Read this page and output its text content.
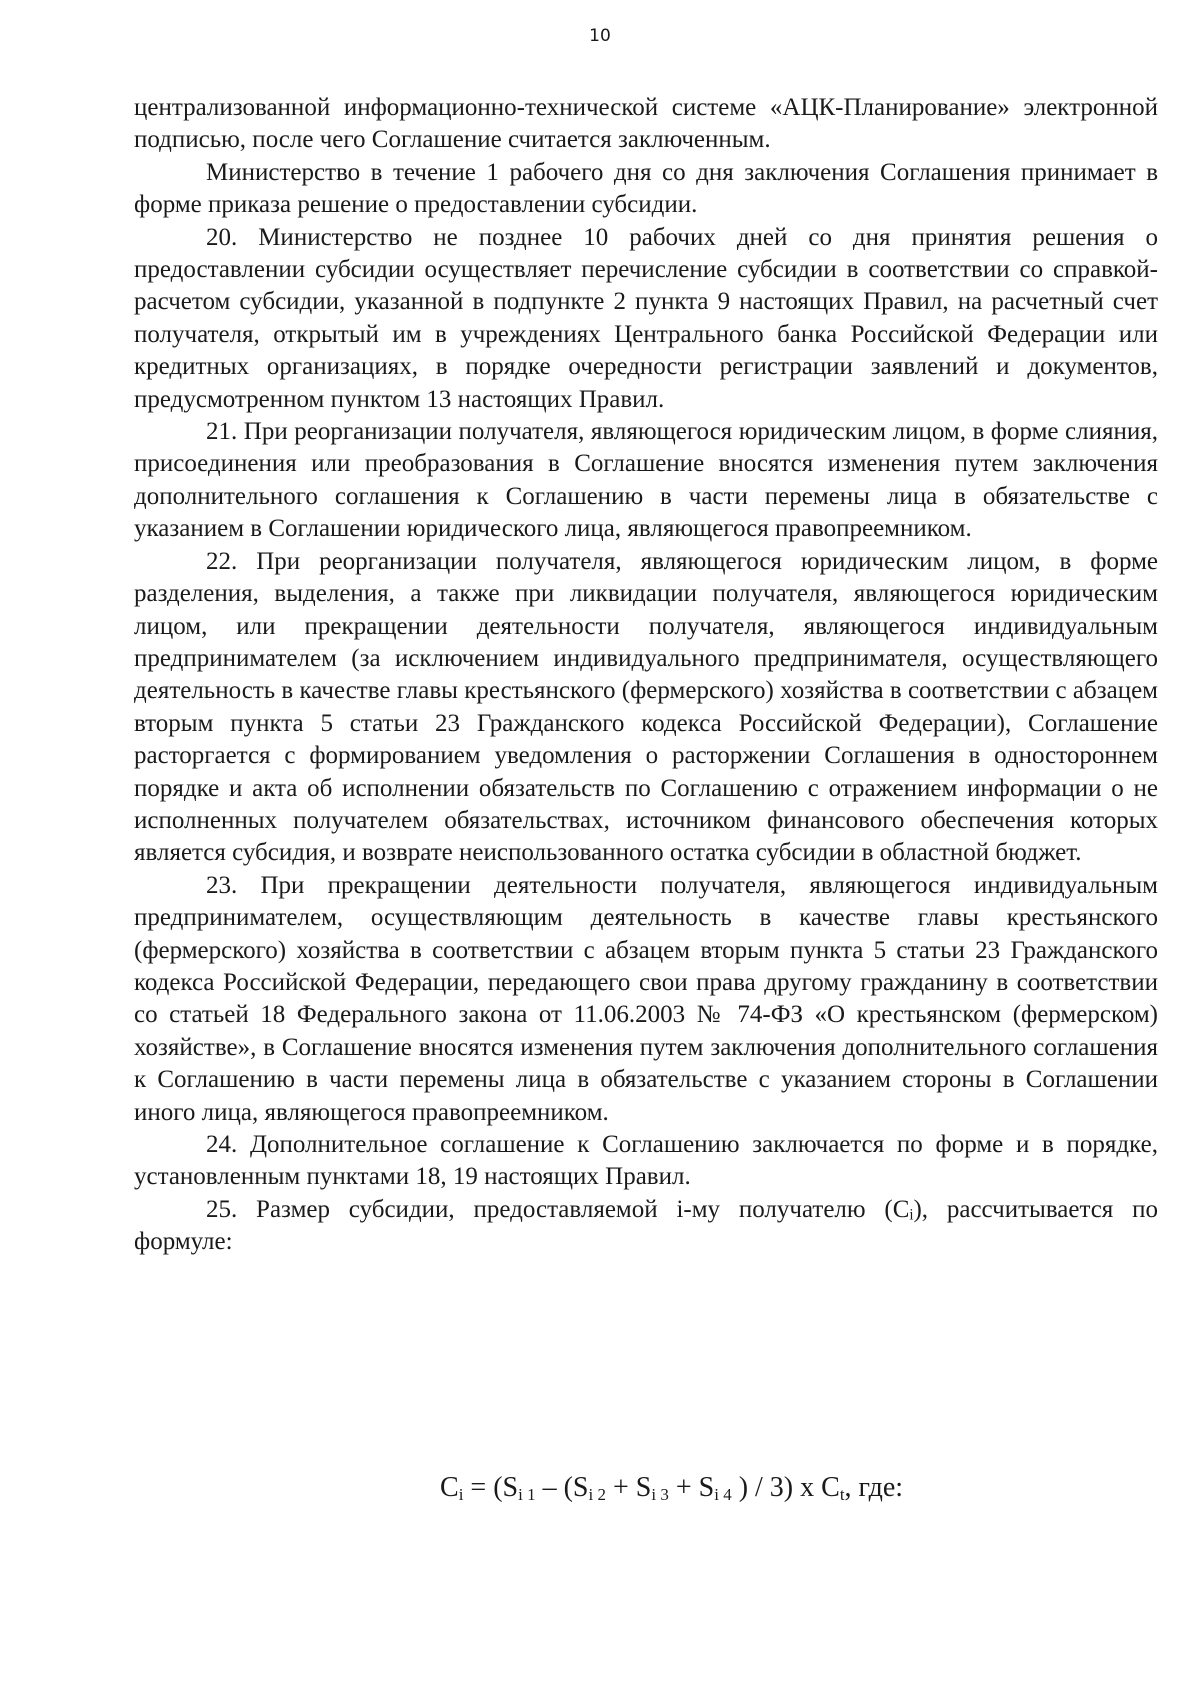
10

централизованной информационно-технической системе «АЦК-Планирование» электронной подписью, после чего Соглашение считается заключенным.

Министерство в течение 1 рабочего дня со дня заключения Соглашения принимает в форме приказа решение о предоставлении субсидии.

20. Министерство не позднее 10 рабочих дней со дня принятия решения о предоставлении субсидии осуществляет перечисление субсидии в соответствии со справкой-расчетом субсидии, указанной в подпункте 2 пункта 9 настоящих Правил, на расчетный счет получателя, открытый им в учреждениях Центрального банка Российской Федерации или кредитных организациях, в порядке очередности регистрации заявлений и документов, предусмотренном пунктом 13 настоящих Правил.

21. При реорганизации получателя, являющегося юридическим лицом, в форме слияния, присоединения или преобразования в Соглашение вносятся изменения путем заключения дополнительного соглашения к Соглашению в части перемены лица в обязательстве с указанием в Соглашении юридического лица, являющегося правопреемником.

22. При реорганизации получателя, являющегося юридическим лицом, в форме разделения, выделения, а также при ликвидации получателя, являющегося юридическим лицом, или прекращении деятельности получателя, являющегося индивидуальным предпринимателем (за исключением индивидуального предпринимателя, осуществляющего деятельность в качестве главы крестьянского (фермерского) хозяйства в соответствии с абзацем вторым пункта 5 статьи 23 Гражданского кодекса Российской Федерации), Соглашение расторгается с формированием уведомления о расторжении Соглашения в одностороннем порядке и акта об исполнении обязательств по Соглашению с отражением информации о не исполненных получателем обязательствах, источником финансового обеспечения которых является субсидия, и возврате неиспользованного остатка субсидии в областной бюджет.

23. При прекращении деятельности получателя, являющегося индивидуальным предпринимателем, осуществляющим деятельность в качестве главы крестьянского (фермерского) хозяйства в соответствии с абзацем вторым пункта 5 статьи 23 Гражданского кодекса Российской Федерации, передающего свои права другому гражданину в соответствии со статьей 18 Федерального закона от 11.06.2003 № 74-ФЗ «О крестьянском (фермерском) хозяйстве», в Соглашение вносятся изменения путем заключения дополнительного соглашения к Соглашению в части перемены лица в обязательстве с указанием стороны в Соглашении иного лица, являющегося правопреемником.

24. Дополнительное соглашение к Соглашению заключается по форме и в порядке, установленным пунктами 18, 19 настоящих Правил.

25. Размер субсидии, предоставляемой i-му получателю (Cᵢ), рассчитывается по формуле:

$C_i = (S_{i 1} - (S_{i 2} + S_{i 3} + S_{i 4}$ ) / 3) x $C_t$, где:
